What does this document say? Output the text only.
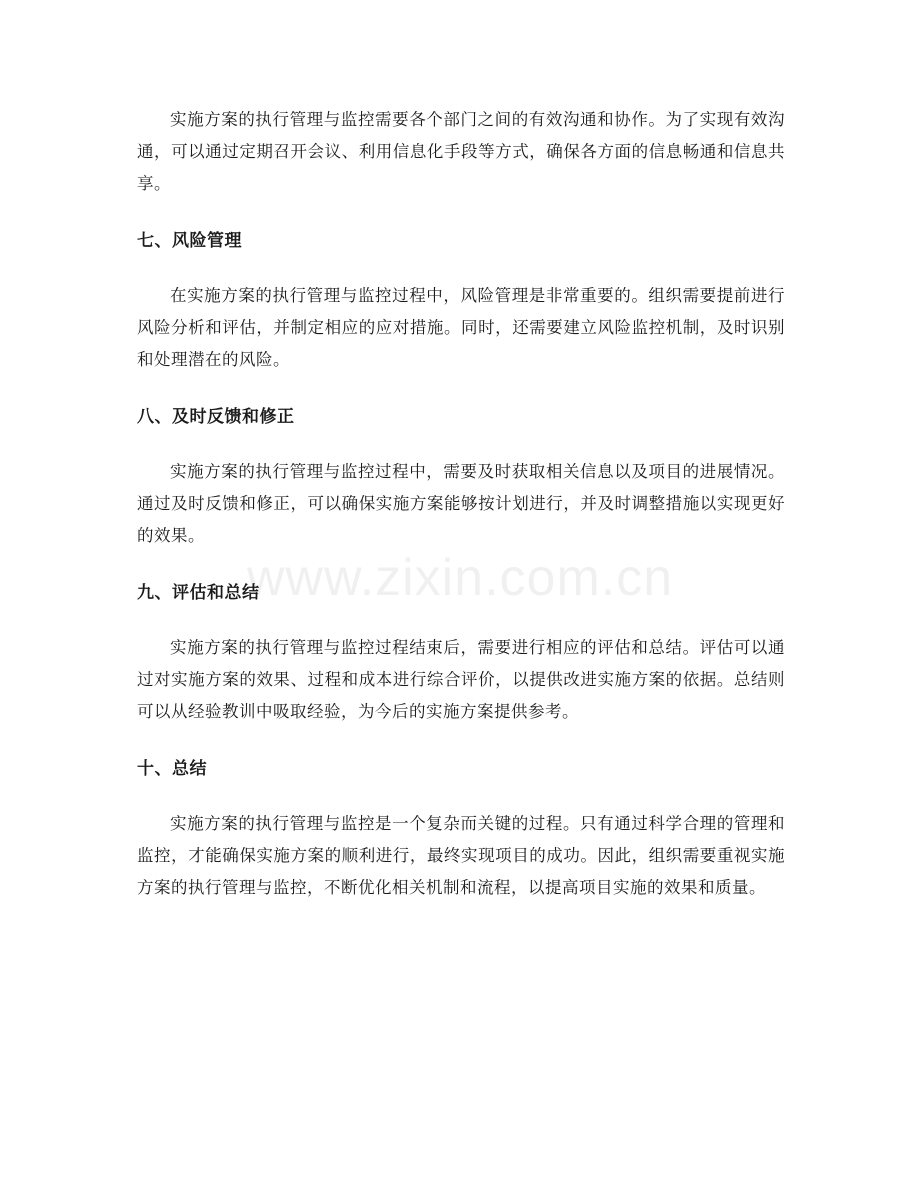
实施方案的执行管理与监控需要各个部门之间的有效沟通和协作。为了实现有效沟通，可以通过定期召开会议、利用信息化手段等方式，确保各方面的信息畅通和信息共享。

七、风险管理

在实施方案的执行管理与监控过程中，风险管理是非常重要的。组织需要提前进行风险分析和评估，并制定相应的应对措施。同时，还需要建立风险监控机制，及时识别和处理潜在的风险。

八、及时反馈和修正

实施方案的执行管理与监控过程中，需要及时获取相关信息以及项目的进展情况。通过及时反馈和修正，可以确保实施方案能够按计划进行，并及时调整措施以实现更好的效果。

九、评估和总结

实施方案的执行管理与监控过程结束后，需要进行相应的评估和总结。评估可以通过对实施方案的效果、过程和成本进行综合评价，以提供改进实施方案的依据。总结则可以从经验教训中吸取经验，为今后的实施方案提供参考。

十、总结

实施方案的执行管理与监控是一个复杂而关键的过程。只有通过科学合理的管理和监控，才能确保实施方案的顺利进行，最终实现项目的成功。因此，组织需要重视实施方案的执行管理与监控，不断优化相关机制和流程，以提高项目实施的效果和质量。

www.zixin.com.cn
